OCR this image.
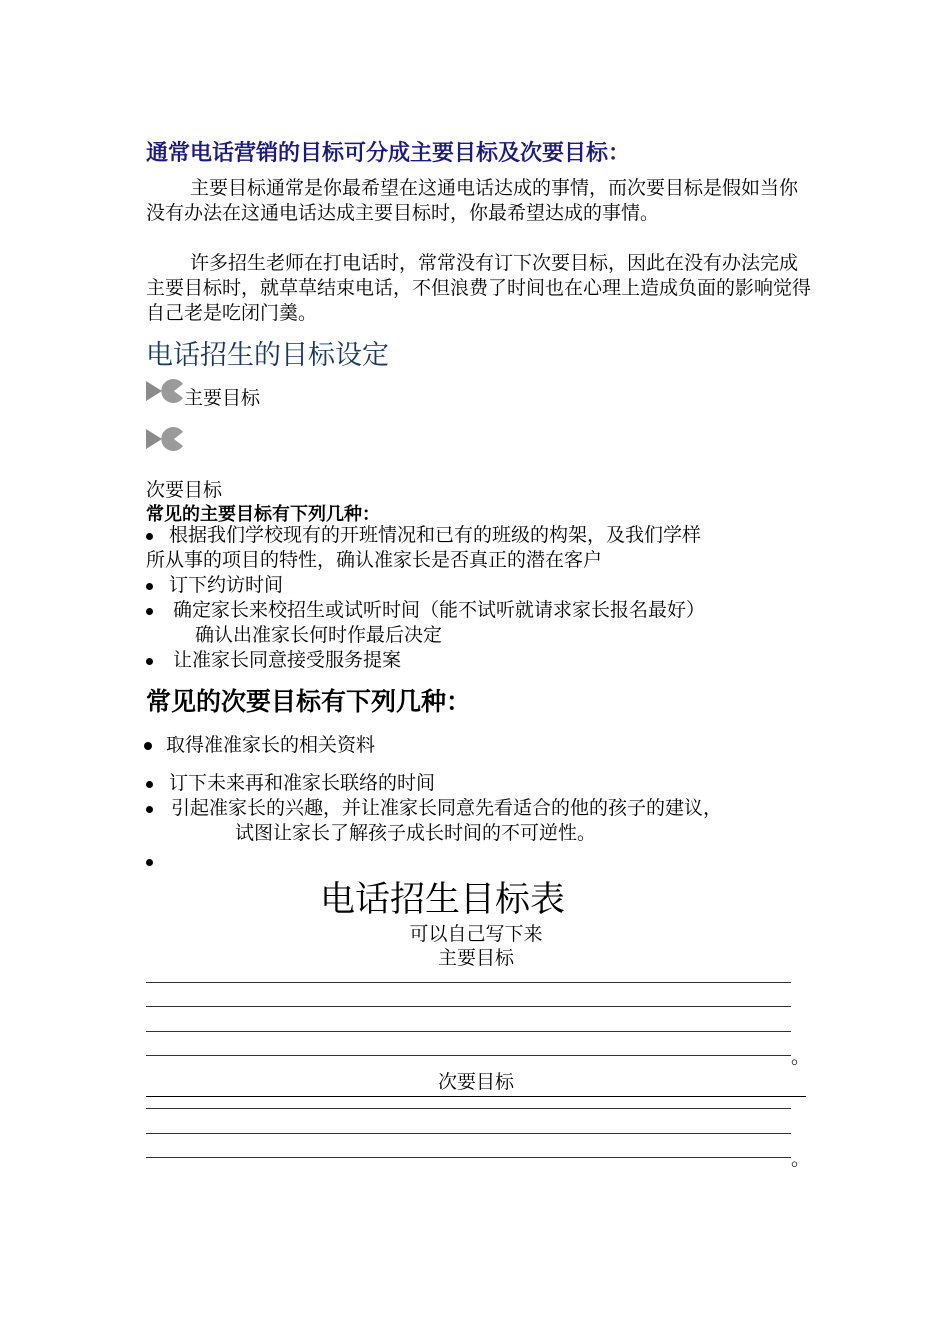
通常电话营销的目标可分成主要目标及次要目标：
主要目标通常是你最希望在这通电话达成的事情，而次要目标是假如当你没有办法在这通电话达成主要目标时，你最希望达成的事情。
许多招生老师在打电话时，常常没有订下次要目标，因此在没有办法完成主要目标时，就草草结束电话，不但浪费了时间也在心理上造成负面的影响觉得自己老是吃闭门羹。
电话招生的目标设定
主要目标
次要目标
常见的主要目标有下列几种：
根据我们学校现有的开班情况和已有的班级的构架，及我们学样
所从事的项目的特性，确认准家长是否真正的潜在客户
订下约访时间
确定家长来校招生或试听时间（能不试听就请求家长报名最好）
确认出准家长何时作最后决定
让准家长同意接受服务提案
常见的次要目标有下列几种：
取得准准家长的相关资料
订下未来再和准家长联络的时间
引起准家长的兴趣，并让准家长同意先看适合的他的孩子的建议，
试图让家长了解孩子成长时间的不可逆性。
电话招生目标表
可以自己写下来
主要目标
。
次要目标
。
